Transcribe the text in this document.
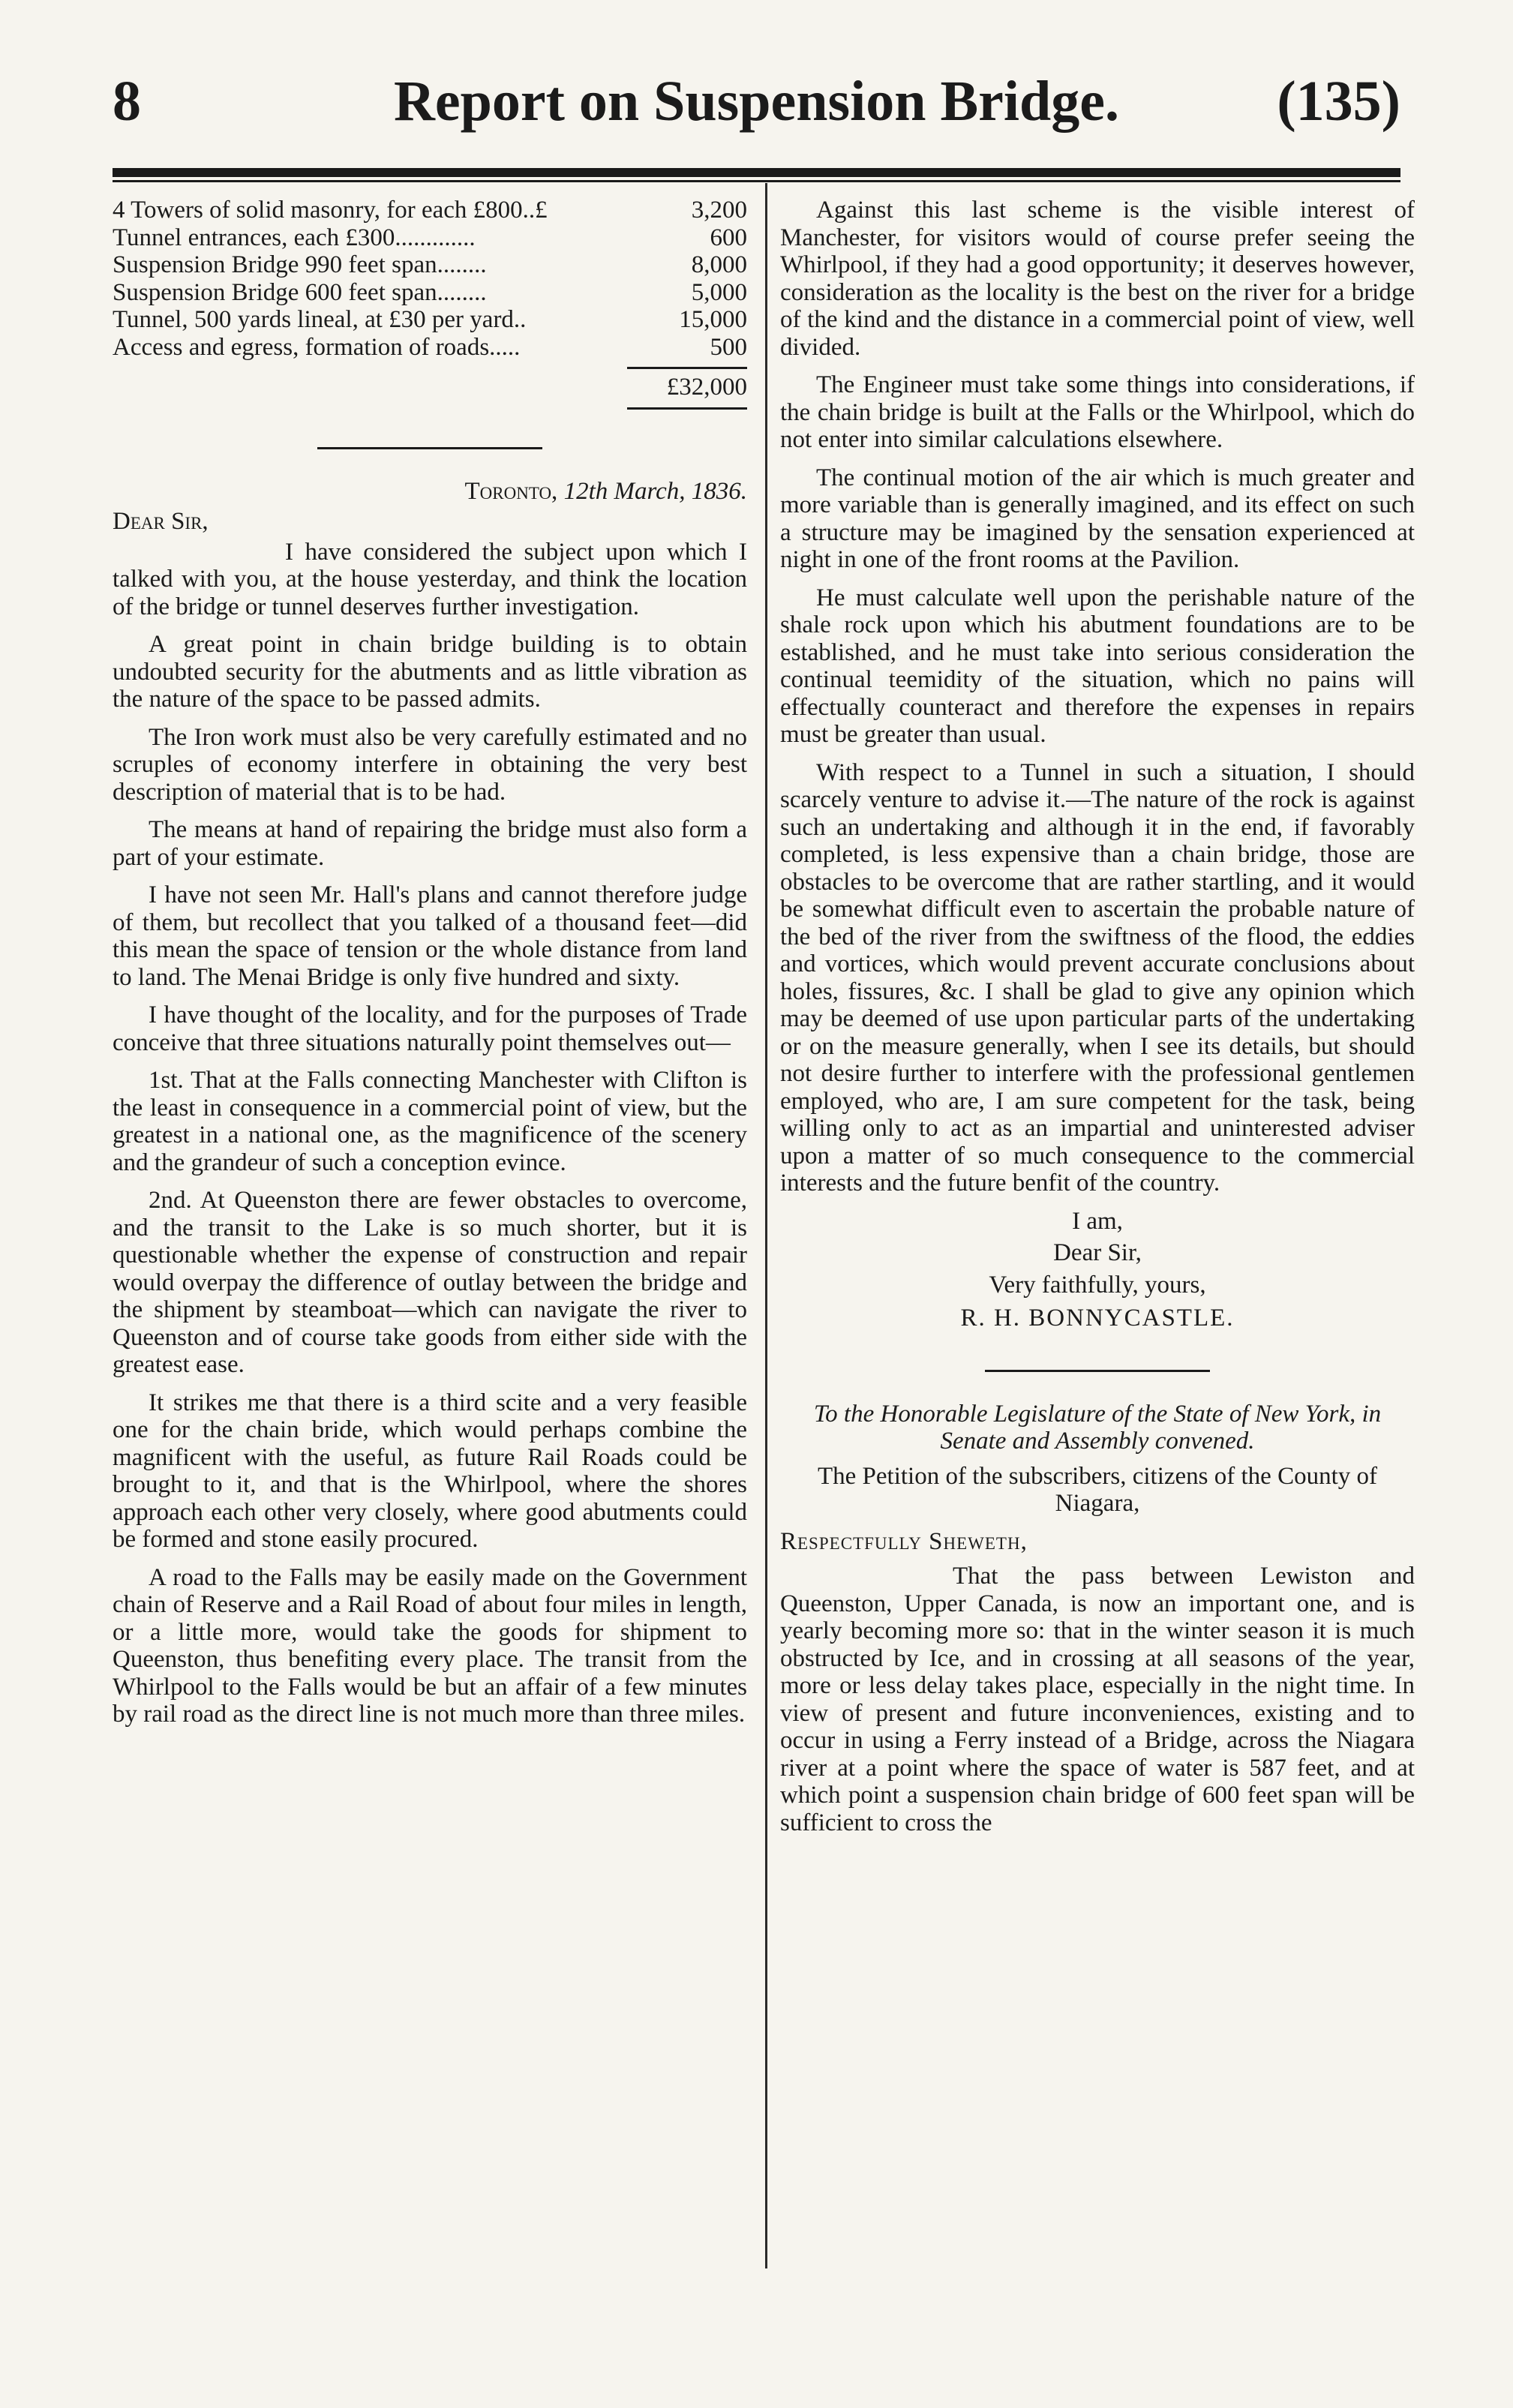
8	Report on Suspension Bridge.	(135)
4 Towers of solid masonry, for each £800..£	3,200
Tunnel entrances, each £300.............	600
Suspension Bridge 990 feet span........	8,000
Suspension Bridge 600 feet span........	5,000
Tunnel, 500 yards lineal, at £30 per yard..	15,000
Access and egress, formation of roads.....	500
£32,000
Toronto, 12th March, 1836.
Dear Sir,

I have considered the subject upon which I talked with you, at the house yesterday, and think the location of the bridge or tunnel deserves further investigation.

A great point in chain bridge building is to obtain undoubted security for the abutments and as little vibration as the nature of the space to be passed admits.

The Iron work must also be very carefully estimated and no scruples of economy interfere in obtaining the very best description of material that is to be had.

The means at hand of repairing the bridge must also form a part of your estimate.

I have not seen Mr. Hall's plans and cannot therefore judge of them, but recollect that you talked of a thousand feet—did this mean the space of tension or the whole distance from land to land. The Menai Bridge is only five hundred and sixty.

I have thought of the locality, and for the purposes of Trade conceive that three situations naturally point themselves out—

1st. That at the Falls connecting Manchester with Clifton is the least in consequence in a commercial point of view, but the greatest in a national one, as the magnificence of the scenery and the grandeur of such a conception evince.

2nd. At Queenston there are fewer obstacles to overcome, and the transit to the Lake is so much shorter, but it is questionable whether the expense of construction and repair would overpay the difference of outlay between the bridge and the shipment by steamboat—which can navigate the river to Queenston and of course take goods from either side with the greatest ease.

It strikes me that there is a third scite and a very feasible one for the chain bride, which would perhaps combine the magnificent with the useful, as future Rail Roads could be brought to it, and that is the Whirlpool, where the shores approach each other very closely, where good abutments could be formed and stone easily procured.

A road to the Falls may be easily made on the Government chain of Reserve and a Rail Road of about four miles in length, or a little more, would take the goods for shipment to Queenston, thus benefiting every place. The transit from the Whirlpool to the Falls would be but an affair of a few minutes by rail road as the direct line is not much more than three miles.

Against this last scheme is the visible interest of Manchester, for visitors would of course prefer seeing the Whirlpool, if they had a good opportunity; it deserves however, consideration as the locality is the best on the river for a bridge of the kind and the distance in a commercial point of view, well divided.

The Engineer must take some things into considerations, if the chain bridge is built at the Falls or the Whirlpool, which do not enter into similar calculations elsewhere.

The continual motion of the air which is much greater and more variable than is generally imagined, and its effect on such a structure may be imagined by the sensation experienced at night in one of the front rooms at the Pavilion.

He must calculate well upon the perishable nature of the shale rock upon which his abutment foundations are to be established, and he must take into serious consideration the continual teemidity of the situation, which no pains will effectually counteract and therefore the expenses in repairs must be greater than usual.

With respect to a Tunnel in such a situation, I should scarcely venture to advise it.—The nature of the rock is against such an undertaking and although it in the end, if favorably completed, is less expensive than a chain bridge, those are obstacles to be overcome that are rather startling, and it would be somewhat difficult even to ascertain the probable nature of the bed of the river from the swiftness of the flood, the eddies and vortices, which would prevent accurate conclusions about holes, fissures, &c. I shall be glad to give any opinion which may be deemed of use upon particular parts of the undertaking or on the measure generally, when I see its details, but should not desire further to interfere with the professional gentlemen employed, who are, I am sure competent for the task, being willing only to act as an impartial and uninterested adviser upon a matter of so much consequence to the commercial interests and the future benfit of the country.

I am,
Dear Sir,
Very faithfully, yours,
R. H. BONNYCASTLE.
To the Honorable Legislature of the State of New York, in Senate and Assembly convened.

The Petition of the subscribers, citizens of the County of Niagara,

Respectfully Sheweth,

That the pass between Lewiston and Queenston, Upper Canada, is now an important one, and is yearly becoming more so: that in the winter season it is much obstructed by Ice, and in crossing at all seasons of the year, more or less delay takes place, especially in the night time. In view of present and future inconveniences, existing and to occur in using a Ferry instead of a Bridge, across the Niagara river at a point where the space of water is 587 feet, and at which point a suspension chain bridge of 600 feet span will be sufficient to cross the
